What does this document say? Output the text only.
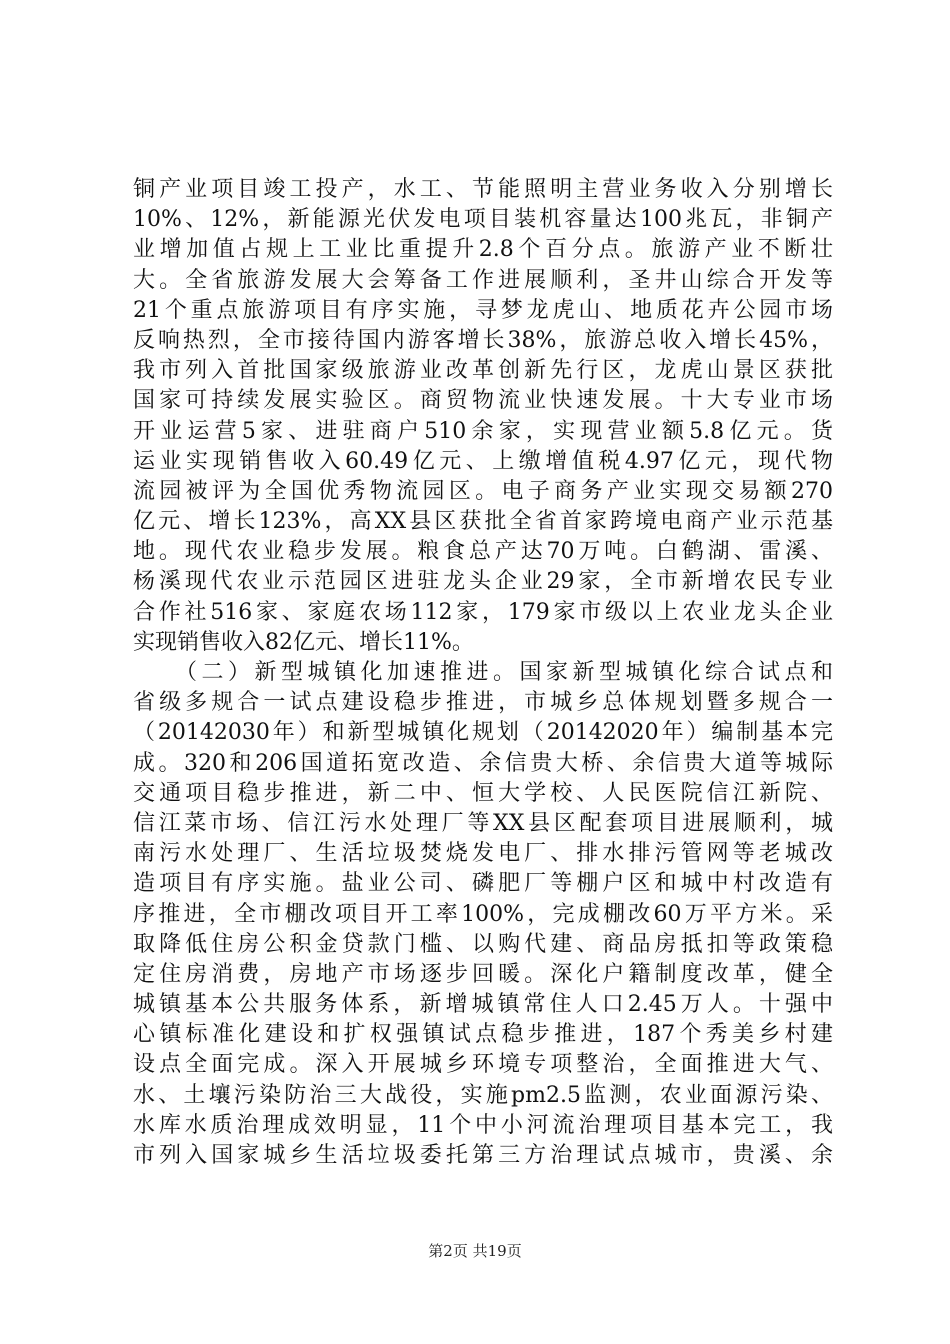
铜产业项目竣工投产，水工、节能照明主营业务收入分别增长
10%、12%，新能源光伏发电项目装机容量达100兆瓦，非铜产
业增加值占规上工业比重提升2.8个百分点。旅游产业不断壮
大。全省旅游发展大会筹备工作进展顺利，圣井山综合开发等
21个重点旅游项目有序实施，寻梦龙虎山、地质花卉公园市场
反响热烈，全市接待国内游客增长38%，旅游总收入增长45%，
我市列入首批国家级旅游业改革创新先行区，龙虎山景区获批
国家可持续发展实验区。商贸物流业快速发展。十大专业市场
开业运营5家、进驻商户510余家，实现营业额5.8亿元。货
运业实现销售收入60.49亿元、上缴增值税4.97亿元，现代物
流园被评为全国优秀物流园区。电子商务产业实现交易额270
亿元、增长123%，高XX县区获批全省首家跨境电商产业示范基
地。现代农业稳步发展。粮食总产达70万吨。白鹤湖、雷溪、
杨溪现代农业示范园区进驻龙头企业29家，全市新增农民专业
合作社516家、家庭农场112家，179家市级以上农业龙头企业
实现销售收入82亿元、增长11%。
　　（二）新型城镇化加速推进。国家新型城镇化综合试点和
省级多规合一试点建设稳步推进，市城乡总体规划暨多规合一
（20142030年）和新型城镇化规划（20142020年）编制基本完
成。320和206国道拓宽改造、余信贵大桥、余信贵大道等城际
交通项目稳步推进，新二中、恒大学校、人民医院信江新院、
信江菜市场、信江污水处理厂等XX县区配套项目进展顺利，城
南污水处理厂、生活垃圾焚烧发电厂、排水排污管网等老城改
造项目有序实施。盐业公司、磷肥厂等棚户区和城中村改造有
序推进，全市棚改项目开工率100%，完成棚改60万平方米。采
取降低住房公积金贷款门槛、以购代建、商品房抵扣等政策稳
定住房消费，房地产市场逐步回暖。深化户籍制度改革，健全
城镇基本公共服务体系，新增城镇常住人口2.45万人。十强中
心镇标准化建设和扩权强镇试点稳步推进，187个秀美乡村建
设点全面完成。深入开展城乡环境专项整治，全面推进大气、
水、土壤污染防治三大战役，实施pm2.5监测，农业面源污染、
水库水质治理成效明显，11个中小河流治理项目基本完工，我
市列入国家城乡生活垃圾委托第三方治理试点城市，贵溪、余
第2页 共19页
